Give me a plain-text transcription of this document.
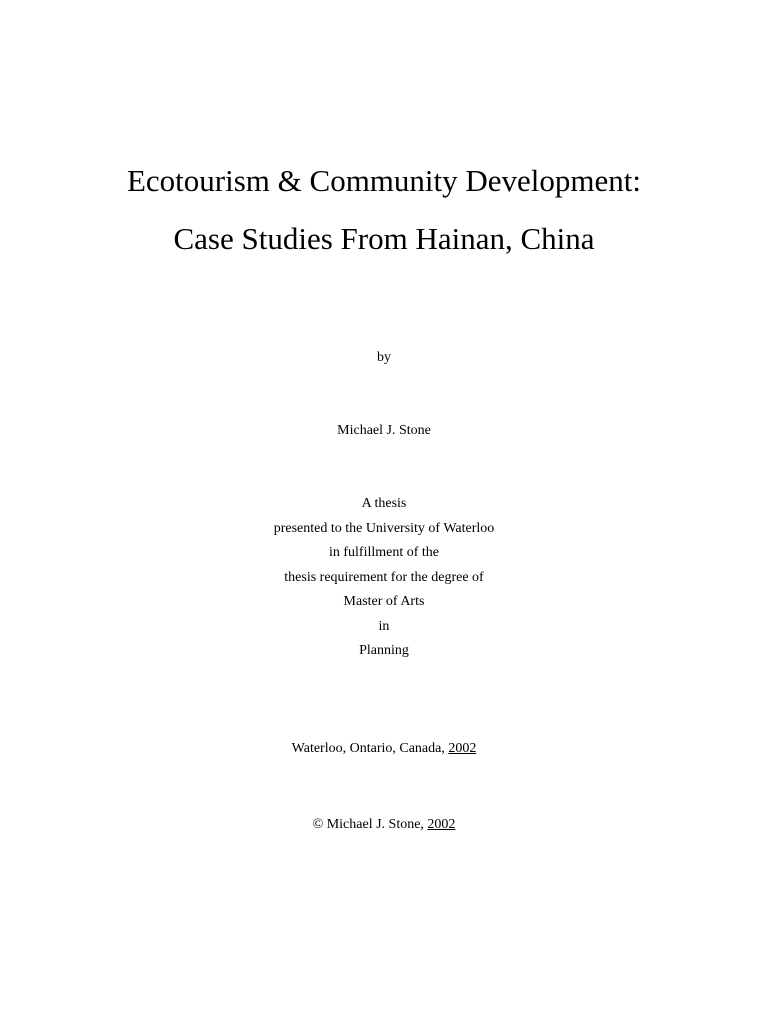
Ecotourism & Community Development:
Case Studies From Hainan, China
by
Michael J. Stone
A thesis
presented to the University of Waterloo
in fulfillment of the
thesis requirement for the degree of
Master of Arts
in
Planning
Waterloo, Ontario, Canada, 2002
© Michael J. Stone, 2002
